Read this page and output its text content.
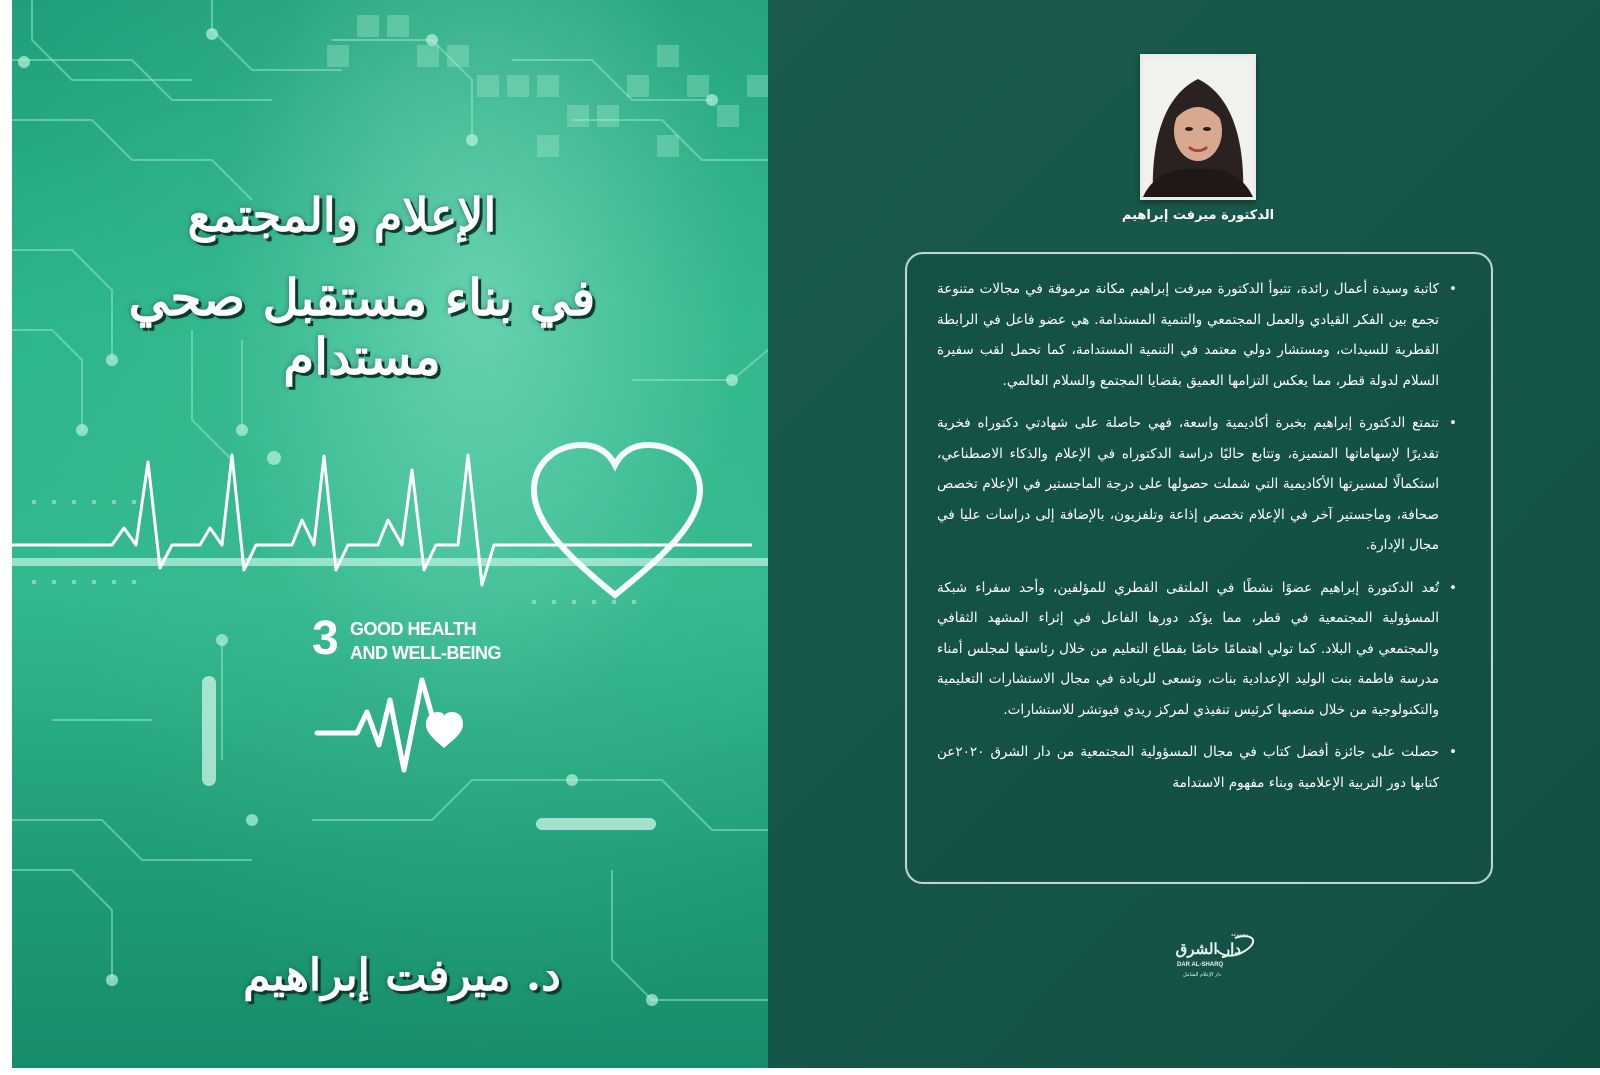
الإعلام والمجتمع
في بناء مستقبل صحي مستدام
3 GOOD HEALTH
AND WELL-BEING
د. ميرفت إبراهيم
الدكتورة ميرفت إبراهيم
• كاتبة وسيدة أعمال رائدة، تتبوأ الدكتورة ميرفت إبراهيم مكانة مرموقة في مجالات متنوعة تجمع بين الفكر القيادي والعمل المجتمعي والتنمية المستدامة. هي عضو فاعل في الرابطة القطرية للسيدات، ومستشار دولي معتمد في التنمية المستدامة، كما تحمل لقب سفيرة السلام لدولة قطر، مما يعكس التزامها العميق بقضايا المجتمع والسلام العالمي.
• تتمتع الدكتورة إبراهيم بخبرة أكاديمية واسعة، فهي حاصلة على شهادتي دكتوراه فخرية تقديرًا لإسهاماتها المتميزة، وتتابع حاليًا دراسة الدكتوراه في الإعلام والذكاء الاصطناعي، استكمالًا لمسيرتها الأكاديمية التي شملت حصولها على درجة الماجستير في الإعلام تخصص صحافة، وماجستير آخر في الإعلام تخصص إذاعة وتلفزيون، بالإضافة إلى دراسات عليا في مجال الإدارة.
• تُعد الدكتورة إبراهيم عضوًا نشطًا في الملتقى القطري للمؤلفين، وأحد سفراء شبكة المسؤولية المجتمعية في قطر، مما يؤكد دورها الفاعل في إثراء المشهد الثقافي والمجتمعي في البلاد. كما تولي اهتمامًا خاصًا بقطاع التعليم من خلال رئاستها لمجلس أمناء مدرسة فاطمة بنت الوليد الإعدادية بنات، وتسعى للريادة في مجال الاستشارات التعليمية والتكنولوجية من خلال منصبها كرئيس تنفيذي لمركز ريدي فيوتشر للاستشارات.
• حصلت على جائزة أفضل كتاب في مجال المسؤولية المجتمعية من دار الشرق ٢٠٢٠عن كتابها دور التربية الإعلامية وبناء مفهوم الاستدامة
مجموعة
دار الشرق
DAR AL-SHARQ
دار الإعلام الشامل
